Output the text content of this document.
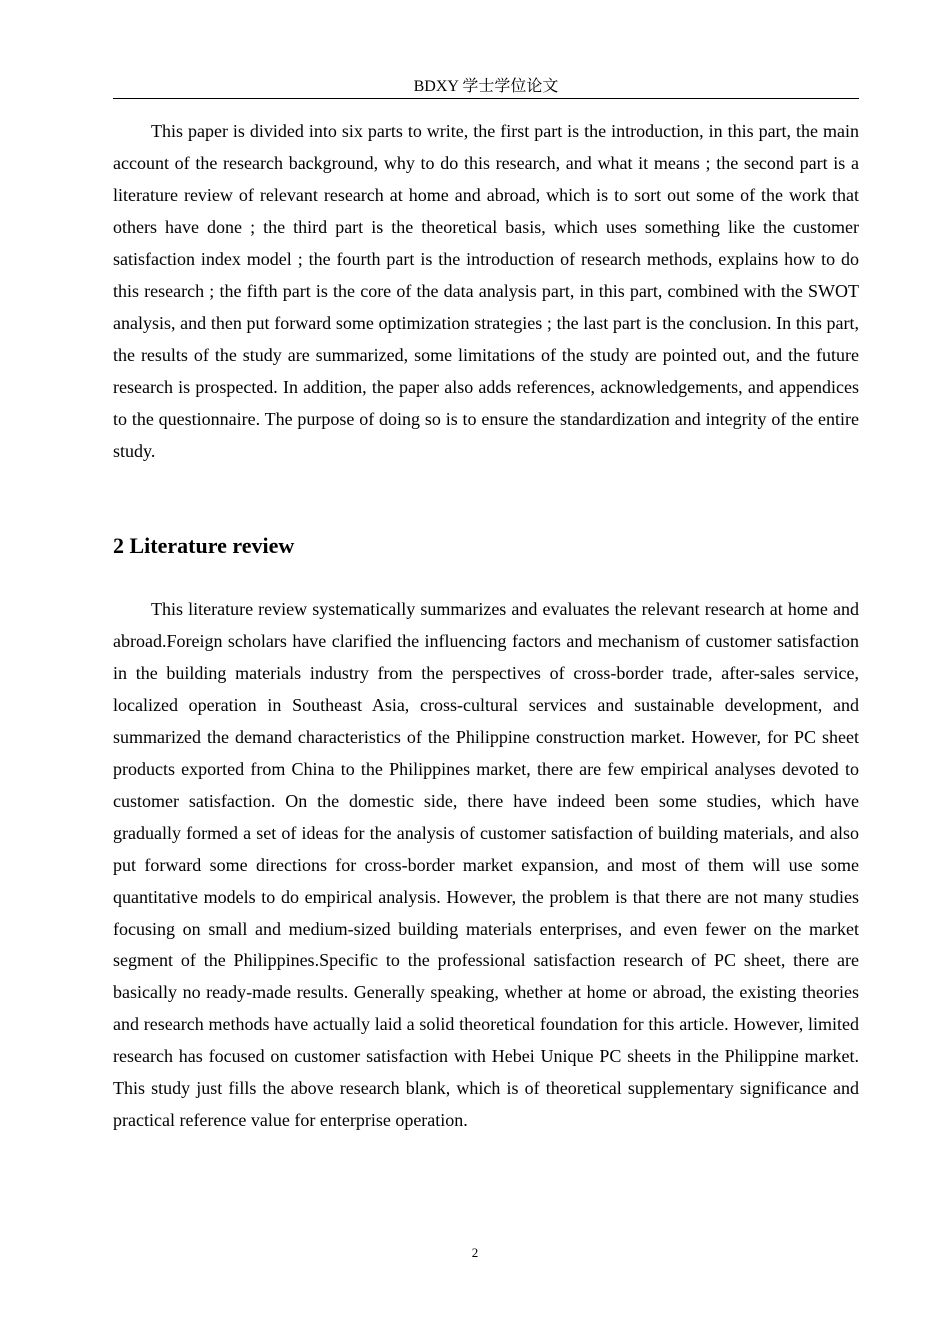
BDXY 学士学位论文

This paper is divided into six parts to write, the first part is the introduction, in this part, the main account of the research background, why to do this research, and what it means ; the second part is a literature review of relevant research at home and abroad, which is to sort out some of the work that others have done ; the third part is the theoretical basis, which uses something like the customer satisfaction index model ; the fourth part is the introduction of research methods, explains how to do this research ; the fifth part is the core of the data analysis part, in this part, combined with the SWOT analysis, and then put forward some optimization strategies ; the last part is the conclusion. In this part, the results of the study are summarized, some limitations of the study are pointed out, and the future research is prospected. In addition, the paper also adds references, acknowledgements, and appendices to the questionnaire. The purpose of doing so is to ensure the standardization and integrity of the entire study.

2 Literature review

This literature review systematically summarizes and evaluates the relevant research at home and abroad.Foreign scholars have clarified the influencing factors and mechanism of customer satisfaction in the building materials industry from the perspectives of cross-border trade, after-sales service, localized operation in Southeast Asia, cross-cultural services and sustainable development, and summarized the demand characteristics of the Philippine construction market. However, for PC sheet products exported from China to the Philippines market, there are few empirical analyses devoted to customer satisfaction. On the domestic side, there have indeed been some studies, which have gradually formed a set of ideas for the analysis of customer satisfaction of building materials, and also put forward some directions for cross-border market expansion, and most of them will use some quantitative models to do empirical analysis. However, the problem is that there are not many studies focusing on small and medium-sized building materials enterprises, and even fewer on the market segment of the Philippines.Specific to the professional satisfaction research of PC sheet, there are basically no ready-made results. Generally speaking, whether at home or abroad, the existing theories and research methods have actually laid a solid theoretical foundation for this article. However, limited research has focused on customer satisfaction with Hebei Unique PC sheets in the Philippine market. This study just fills the above research blank, which is of theoretical supplementary significance and practical reference value for enterprise operation.

2
